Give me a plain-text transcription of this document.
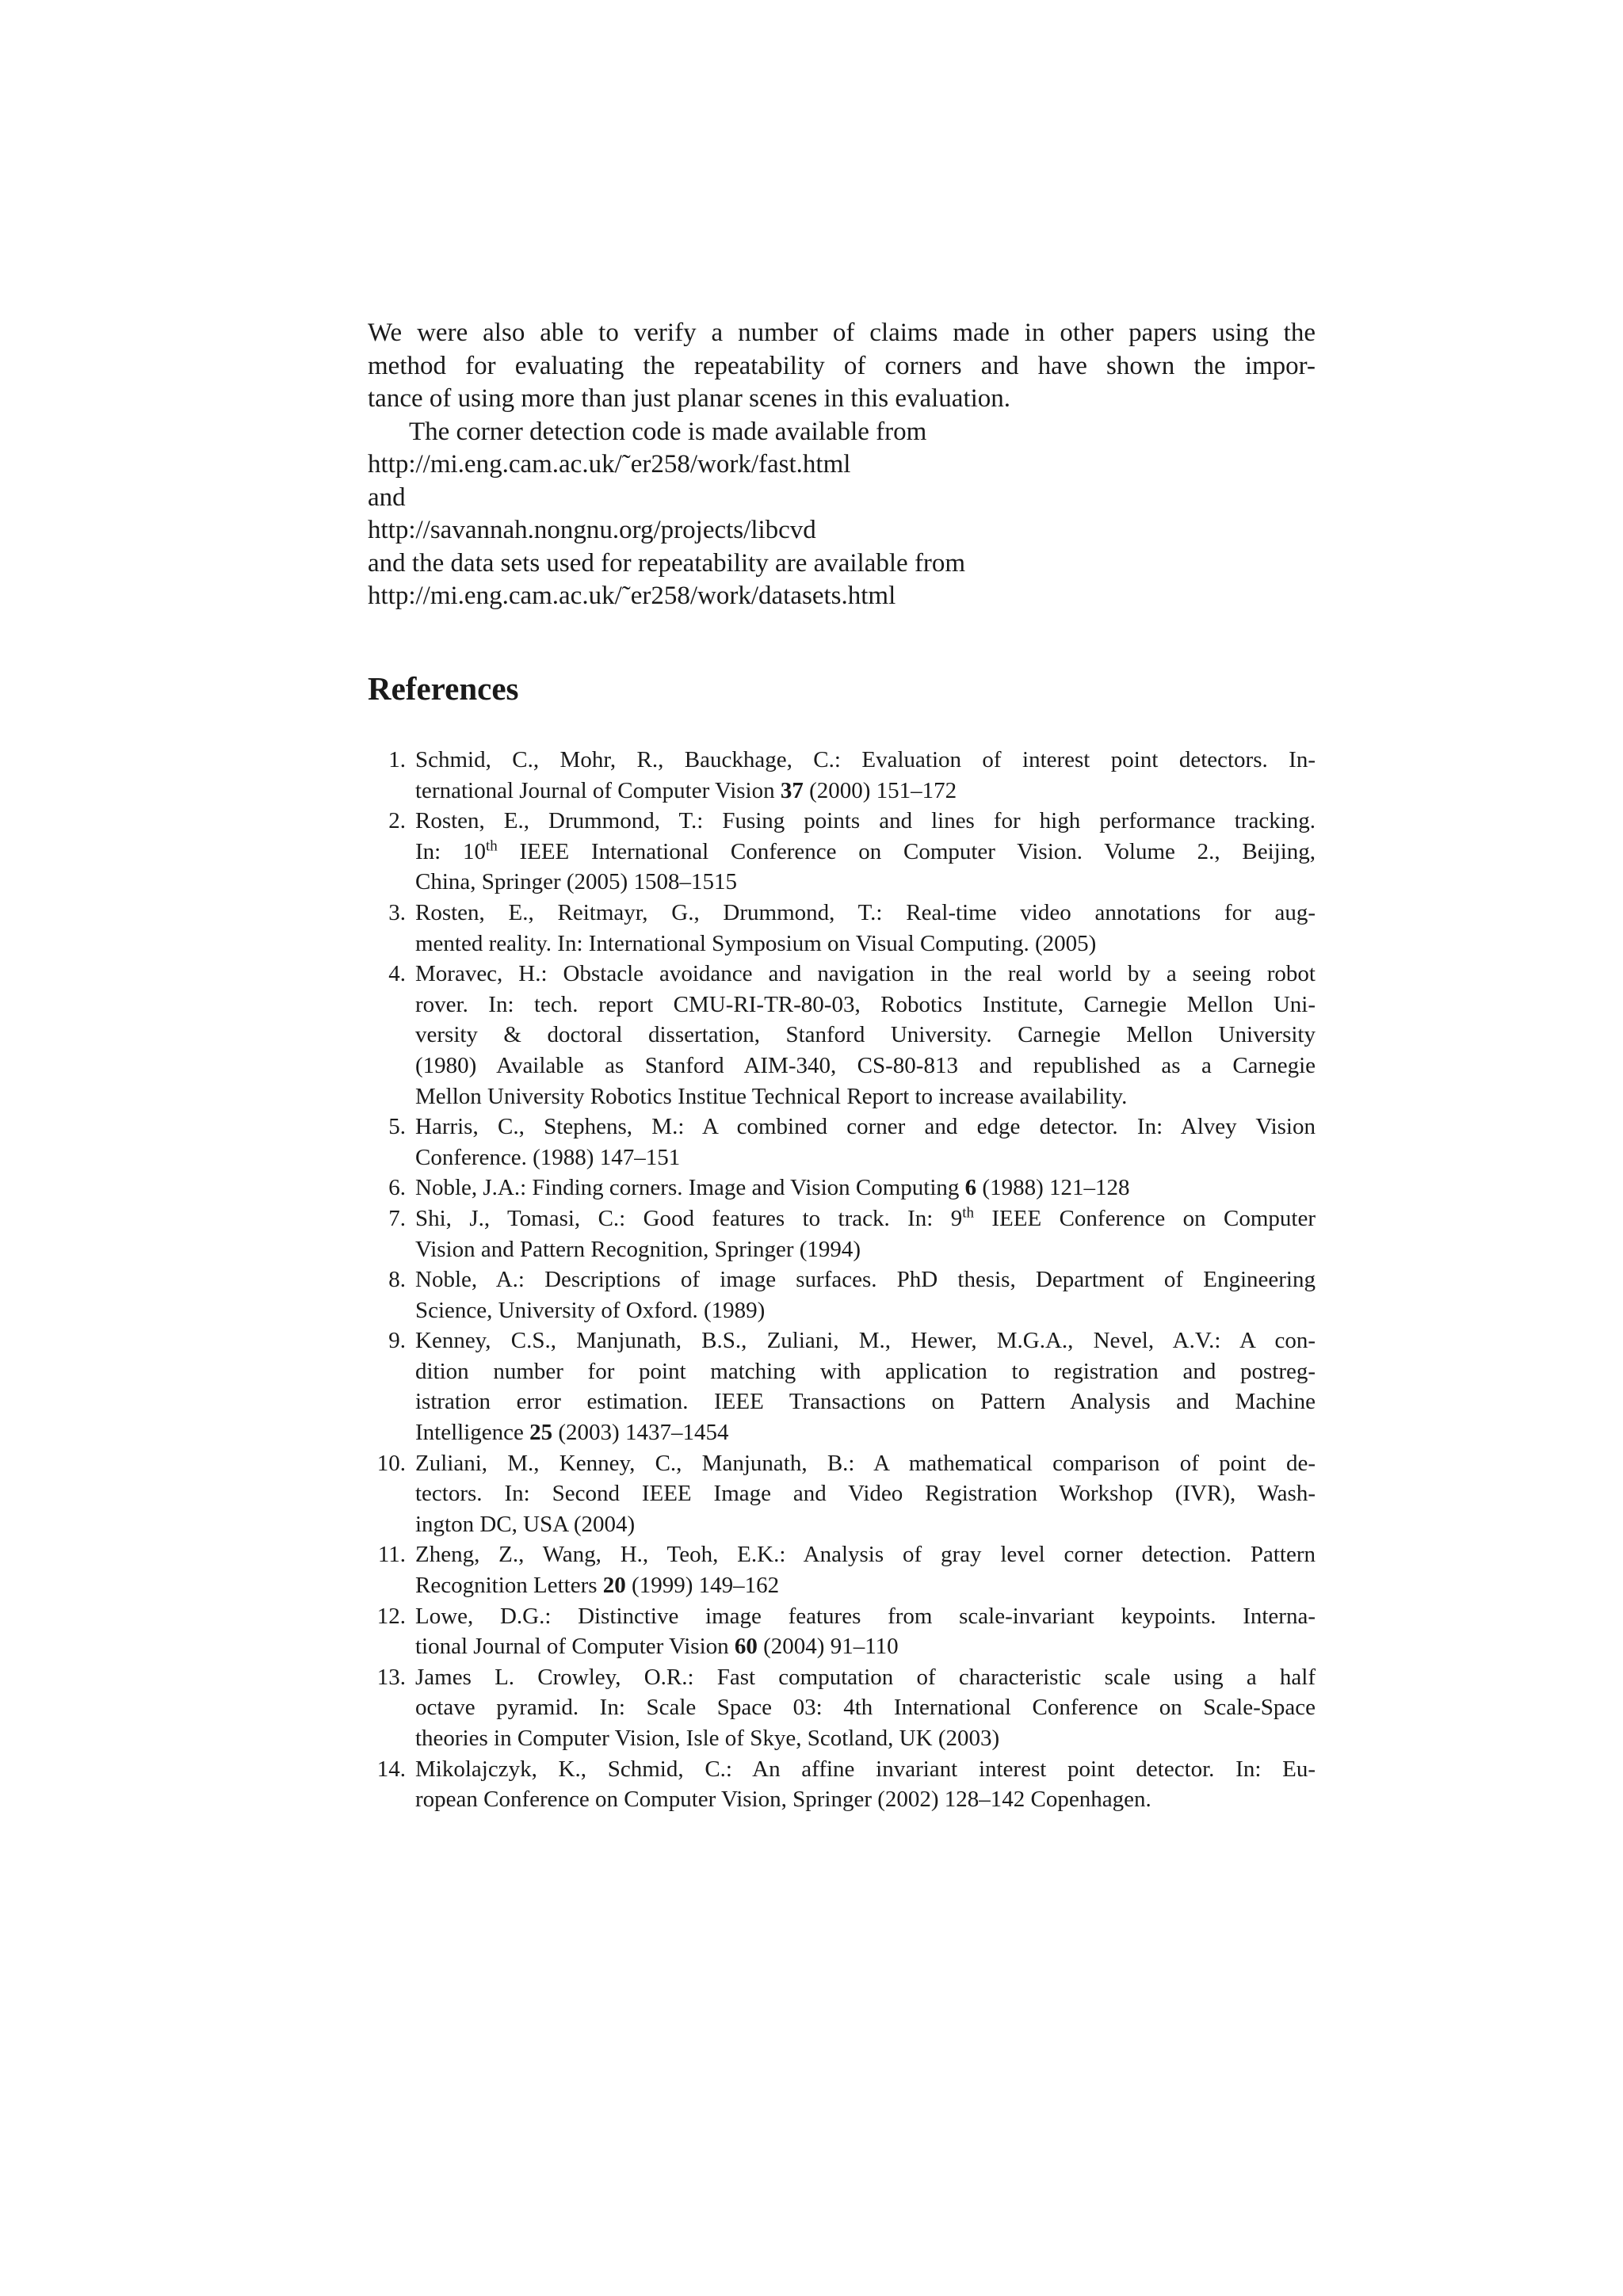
We were also able to verify a number of claims made in other papers using the
method for evaluating the repeatability of corners and have shown the impor-
tance of using more than just planar scenes in this evaluation.
The corner detection code is made available from
http://mi.eng.cam.ac.uk/˜er258/work/fast.html
and
http://savannah.nongnu.org/projects/libcvd
and the data sets used for repeatability are available from
http://mi.eng.cam.ac.uk/˜er258/work/datasets.html
References
1. Schmid, C., Mohr, R., Bauckhage, C.: Evaluation of interest point detectors. In-
ternational Journal of Computer Vision 37 (2000) 151–172
2. Rosten, E., Drummond, T.: Fusing points and lines for high performance tracking.
In: 10th IEEE International Conference on Computer Vision. Volume 2., Beijing,
China, Springer (2005) 1508–1515
3. Rosten, E., Reitmayr, G., Drummond, T.: Real-time video annotations for aug-
mented reality. In: International Symposium on Visual Computing. (2005)
4. Moravec, H.: Obstacle avoidance and navigation in the real world by a seeing robot
rover. In: tech. report CMU-RI-TR-80-03, Robotics Institute, Carnegie Mellon Uni-
versity & doctoral dissertation, Stanford University. Carnegie Mellon University
(1980) Available as Stanford AIM-340, CS-80-813 and republished as a Carnegie
Mellon University Robotics Institue Technical Report to increase availability.
5. Harris, C., Stephens, M.: A combined corner and edge detector. In: Alvey Vision
Conference. (1988) 147–151
6. Noble, J.A.: Finding corners. Image and Vision Computing 6 (1988) 121–128
7. Shi, J., Tomasi, C.: Good features to track. In: 9th IEEE Conference on Computer
Vision and Pattern Recognition, Springer (1994)
8. Noble, A.: Descriptions of image surfaces. PhD thesis, Department of Engineering
Science, University of Oxford. (1989)
9. Kenney, C.S., Manjunath, B.S., Zuliani, M., Hewer, M.G.A., Nevel, A.V.: A con-
dition number for point matching with application to registration and postreg-
istration error estimation. IEEE Transactions on Pattern Analysis and Machine
Intelligence 25 (2003) 1437–1454
10. Zuliani, M., Kenney, C., Manjunath, B.: A mathematical comparison of point de-
tectors. In: Second IEEE Image and Video Registration Workshop (IVR), Wash-
ington DC, USA (2004)
11. Zheng, Z., Wang, H., Teoh, E.K.: Analysis of gray level corner detection. Pattern
Recognition Letters 20 (1999) 149–162
12. Lowe, D.G.: Distinctive image features from scale-invariant keypoints. Interna-
tional Journal of Computer Vision 60 (2004) 91–110
13. James L. Crowley, O.R.: Fast computation of characteristic scale using a half
octave pyramid. In: Scale Space 03: 4th International Conference on Scale-Space
theories in Computer Vision, Isle of Skye, Scotland, UK (2003)
14. Mikolajczyk, K., Schmid, C.: An affine invariant interest point detector. In: Eu-
ropean Conference on Computer Vision, Springer (2002) 128–142 Copenhagen.
